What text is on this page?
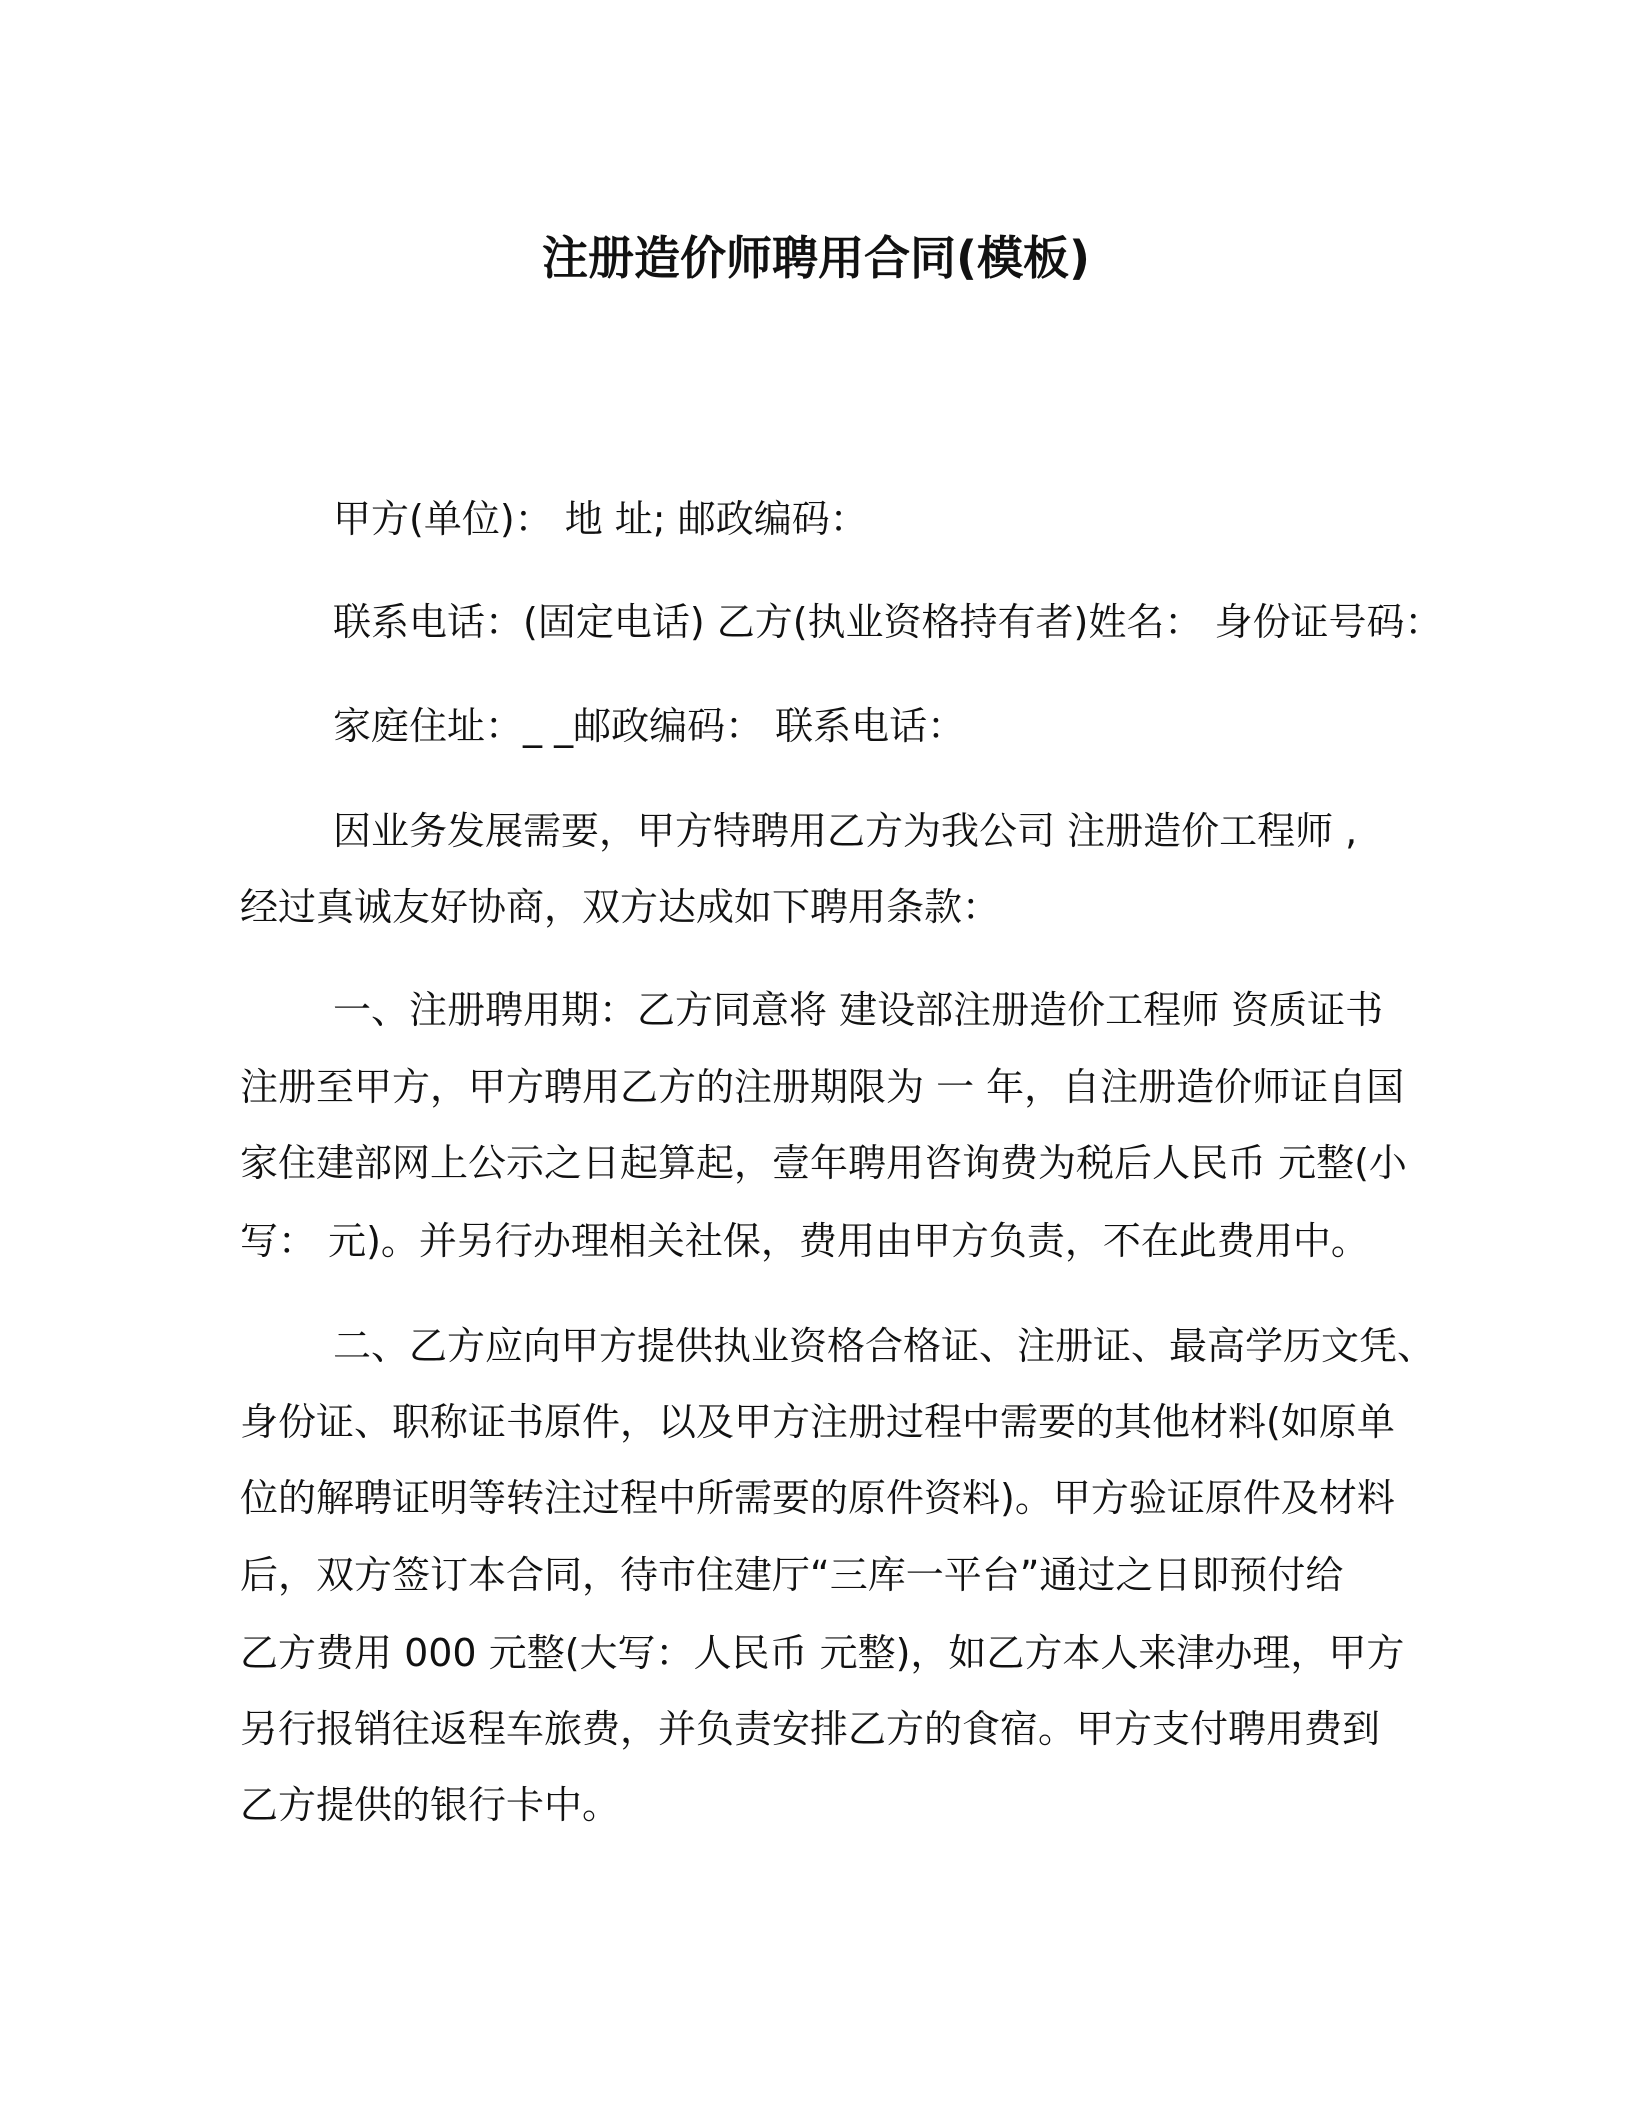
注册造价师聘用合同(模板)
甲方(单位)： 地 址; 邮政编码：
联系电话：(固定电话) 乙方(执业资格持有者)姓名： 身份证号码：
家庭住址：_ _邮政编码： 联系电话：
因业务发展需要，甲方特聘用乙方为我公司 注册造价工程师 ,
经过真诚友好协商，双方达成如下聘用条款：
一、注册聘用期：乙方同意将 建设部注册造价工程师 资质证书
注册至甲方，甲方聘用乙方的注册期限为 一 年，自注册造价师证自国
家住建部网上公示之日起算起，壹年聘用咨询费为税后人民币 元整(小
写： 元)。并另行办理相关社保，费用由甲方负责，不在此费用中。
二、乙方应向甲方提供执业资格合格证、注册证、最高学历文凭、
身份证、职称证书原件，以及甲方注册过程中需要的其他材料(如原单
位的解聘证明等转注过程中所需要的原件资料)。甲方验证原件及材料
后，双方签订本合同，待市住建厅“三库一平台”通过之日即预付给
乙方费用 000 元整(大写：人民币 元整)，如乙方本人来津办理，甲方
另行报销往返程车旅费，并负责安排乙方的食宿。甲方支付聘用费到
乙方提供的银行卡中。
